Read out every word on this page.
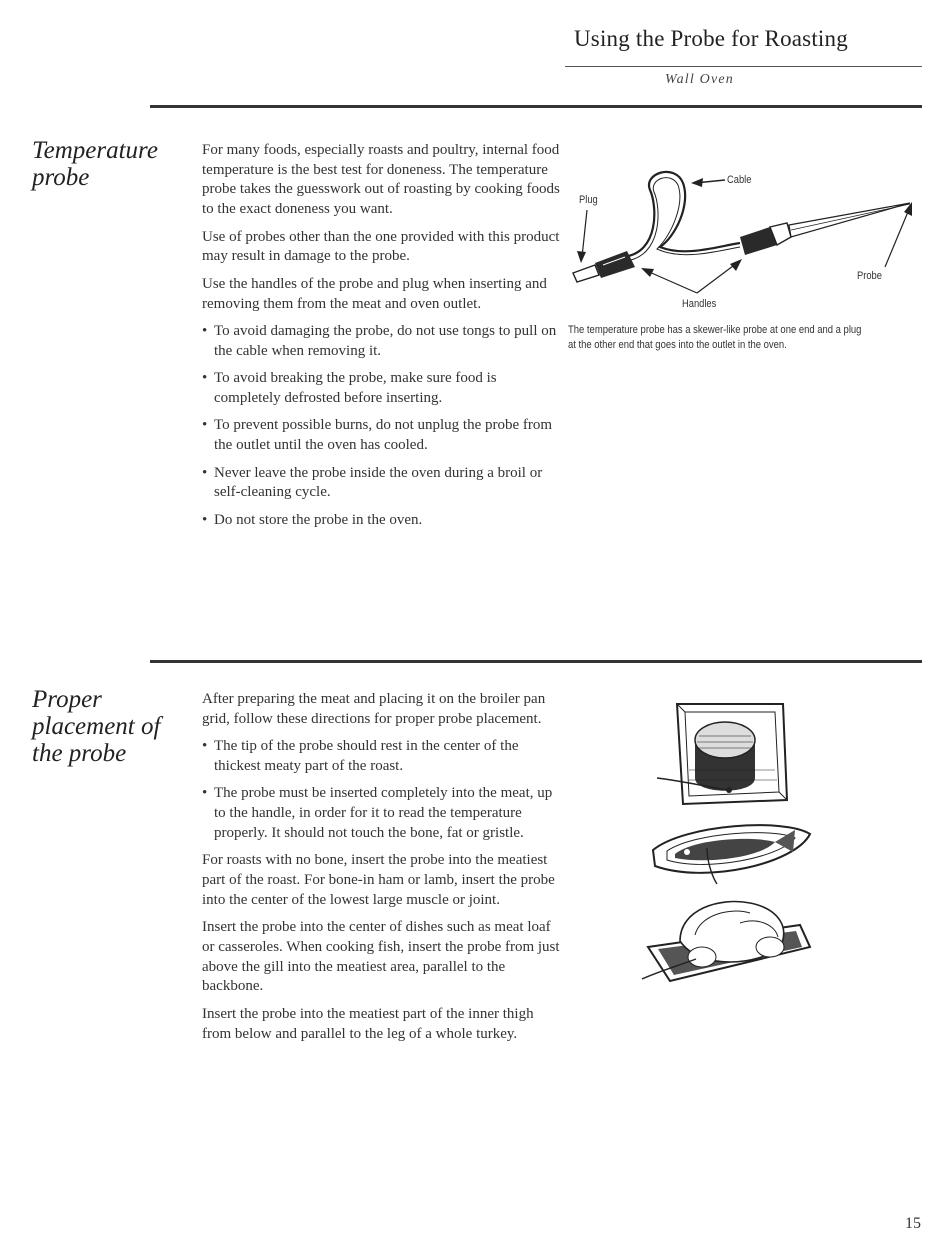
Using the Probe for Roasting
Wall Oven
Temperature
probe

For many foods, especially roasts and poultry, internal food temperature is the best test for doneness. The temperature probe takes the guesswork out of roasting by cooking foods to the exact doneness you want.

Use of probes other than the one provided with this product may result in damage to the probe.

Use the handles of the probe and plug when inserting and removing them from the meat and oven outlet.

• To avoid damaging the probe, do not use tongs to pull on the cable when removing it.
• To avoid breaking the probe, make sure food is completely defrosted before inserting.
• To prevent possible burns, do not unplug the probe from the outlet until the oven has cooled.
• Never leave the probe inside the oven during a broil or self-cleaning cycle.
• Do not store the probe in the oven.
Cable
Plug
Probe
Handles
The temperature probe has a skewer-like probe at one end and a plug
at the other end that goes into the outlet in the oven.
Proper
placement of
the probe

After preparing the meat and placing it on the broiler pan grid, follow these directions for proper probe placement.

• The tip of the probe should rest in the center of the thickest meaty part of the roast.
• The probe must be inserted completely into the meat, up to the handle, in order for it to read the temperature properly. It should not touch the bone, fat or gristle.

For roasts with no bone, insert the probe into the meatiest part of the roast. For bone-in ham or lamb, insert the probe into the center of the lowest large muscle or joint.

Insert the probe into the center of dishes such as meat loaf or casseroles. When cooking fish, insert the probe from just above the gill into the meatiest area, parallel to the backbone.

Insert the probe into the meatiest part of the inner thigh from below and parallel to the leg of a whole turkey.

15
